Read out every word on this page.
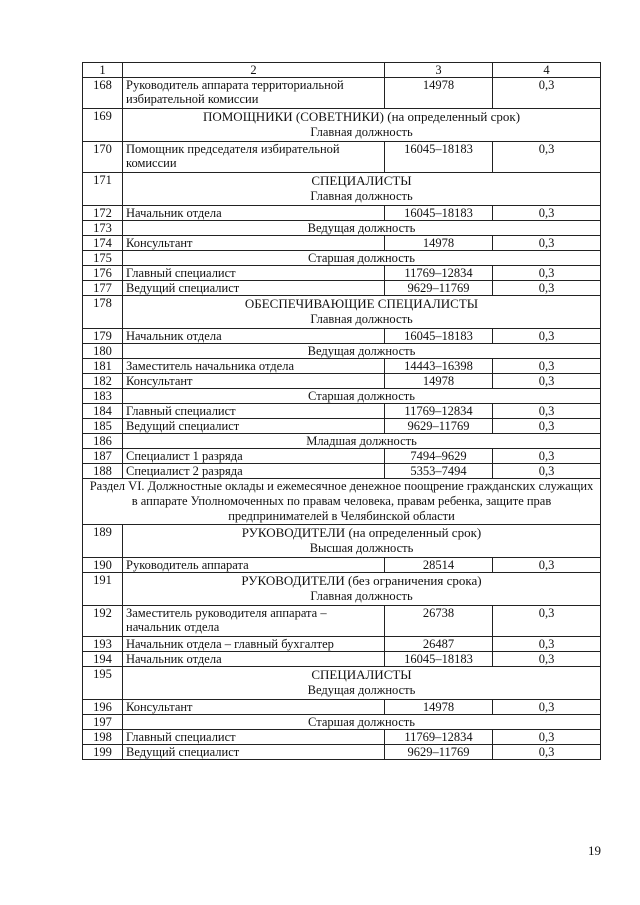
1	2	3	4
168	Руководитель аппарата территориальной избирательной комиссии	14978	0,3
169	ПОМОЩНИКИ (СОВЕТНИКИ) (на определенный срок)
Главная должность		

170	Помощник председателя избирательной комиссии	16045–18183	0,3
171	СПЕЦИАЛИСТЫ
Главная должность		

172	Начальник отдела	16045–18183	0,3
173	Ведущая должность		
174	Консультант	14978	0,3
175	Старшая должность		
176	Главный специалист	11769–12834	0,3
177	Ведущий специалист	9629–11769	0,3
178	ОБЕСПЕЧИВАЮЩИЕ СПЕЦИАЛИСТЫ
Главная должность		

179	Начальник отдела	16045–18183	0,3
180	Ведущая должность		
181	Заместитель начальника отдела	14443–16398	0,3
182	Консультант	14978	0,3
183	Старшая должность		
184	Главный специалист	11769–12834	0,3
185	Ведущий специалист	9629–11769	0,3
186	Младшая должность		
187	Специалист 1 разряда	7494–9629	0,3
188	Специалист 2 разряда	5353–7494	0,3
Раздел VI. Должностные оклады и ежемесячное денежное поощрение гражданских служащих в аппарате Уполномоченных по правам человека, правам ребенка, защите прав предпринимателей в Челябинской области			
189	РУКОВОДИТЕЛИ (на определенный срок)
Высшая должность		

190	Руководитель аппарата	28514	0,3
191	РУКОВОДИТЕЛИ (без ограничения срока)
Главная должность		

192	Заместитель руководителя аппарата – начальник отдела	26738	0,3
193	Начальник отдела – главный бухгалтер	26487	0,3
194	Начальник отдела	16045–18183	0,3
195	СПЕЦИАЛИСТЫ
Ведущая должность		

196	Консультант	14978	0,3
197	Старшая должность		
198	Главный специалист	11769–12834	0,3
199	Ведущий специалист	9629–11769	0,3
19
